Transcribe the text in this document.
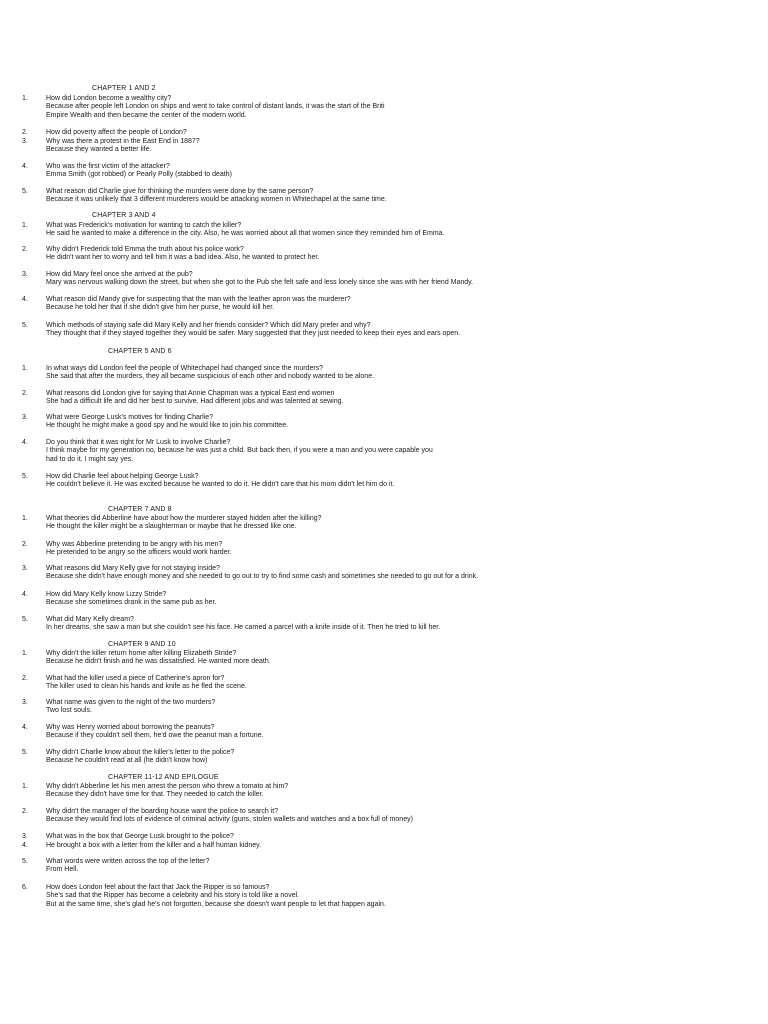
CHAPTER 1 AND 2
1.	How did London become a wealthy city?
Because after people left London on ships and went to take control of distant lands, it was the start of the Briti
Empire Wealth and then became the center of the modern world.
2.	How did poverty affect the people of London?
3.	Why was there a protest in the East End in 1887?
Because they wanted a better life.
4.	Who was the first victim of the attacker?
Emma Smith (got robbed) or Pearly Polly (stabbed to death)
5.	What reason did Charlie give for thinking the murders were done by the same person?
Because it was unlikely that 3 different murderers would be attacking women in Whitechapel at the same time.
CHAPTER 3 AND 4
1.	What was Frederick's motivation for wanting to catch the killer?
He said he wanted to make a difference in the city. Also, he was worried about all that women since they reminded him of Emma.
2.	Why didn't Frederick told Emma the truth about his police work?
He didn't want her to worry and tell him it was a bad idea. Also, he wanted to protect her.
3.	How did Mary feel once she arrived at the pub?
Mary was nervous walking down the street, but when she got to the Pub she felt safe and less lonely since she was with her friend Mandy.
4.	What reason did Mandy give for suspecting that the man with the leather apron was the murderer?
Because he told her that if she didn't give him her purse, he would kill her.
5.	Which methods of staying safe did Mary Kelly and her friends consider? Which did Mary prefer and why?
They thought that if they stayed together they would be safer. Mary suggested that they just needed to keep their eyes and ears open.
CHAPTER 5 AND 6
1.	In what ways did London feel the people of Whitechapel had changed since the murders?
She said that after the murders, they all became suspicious of each other and nobody wanted to be alone.
2.	What reasons did London give for saying that Annie Chapman was a typical East end women
She had a difficult life and did her best to survive. Had different jobs and was talented at sewing.
3.	What were George Lusk's motives for finding Charlie?
He thought he might make a good spy and he would like to join his committee.
4.	Do you think that it was right for Mr Lusk to involve Charlie?
I think maybe for my generation no, because he was just a child. But back then, if you were a man and you were capable you
had to do it. I might say yes.
5.	How did Charlie feel about helping George Lusk?
He couldn't believe it. He was excited because he wanted to do it. He didn't care that his mom didn't let him do it.
CHAPTER 7 AND 8
1.	What theories did Abberline have about how the murderer stayed hidden after the killing?
He thought the killer might be a slaughterman or maybe that he dressed like one.
2.	Why was Abberline pretending to be angry with his men?
He pretended to be angry so the officers would work harder.
3.	What reasons did Mary Kelly give for not staying inside?
Because she didn't have enough money and she needed to go out to try to find some cash and sometimes she needed to go out for a drink.
4.	How did Mary Kelly know Lizzy Stride?
Because she sometimes drank in the same pub as her.
5.	What did Mary Kelly dream?
In her dreams, she saw a man but she couldn't see his face. He carried a parcel with a knife inside of it. Then he tried to kill her.
CHAPTER 9 AND 10
1.	Why didn't the killer return home after killing Elizabeth Stride?
Because he didn't finish and he was dissatisfied. He wanted more death.
2.	What had the killer used a piece of Catherine's apron for?
The killer used to clean his hands and knife as he fled the scene.
3.	What name was given to the night of the two murders?
Two lost souls.
4.	Why was Henry worried about borrowing the peanuts?
Because if they couldn't sell them, he'd owe the peanut man a fortune.
5.	Why didn't Charlie know about the killer's letter to the police?
Because he couldn't read at all (he didn't know how)
CHAPTER 11-12 AND EPILOGUE
1.	Why didn't Abberline let his men arrest the person who threw a tomato at him?
Because they didn't have time for that. They needed to catch the killer.
2.	Why didn't the manager of the boarding house want the police to search it?
Because they would find lots of evidence of criminal activity (guns, stolen wallets and watches and a box full of money)
3.	What was in the box that George Lusk brought to the police?
4.	He brought a box with a letter from the killer and a half human kidney.
5.	What words were written across the top of the letter?
From Hell.
6.	How does London feel about the fact that Jack the Ripper is so famous?
She's sad that the Ripper has become a celebrity and his story is told like a novel.
But at the same time, she's glad he's not forgotten, because she doesn't want people to let that happen again.
